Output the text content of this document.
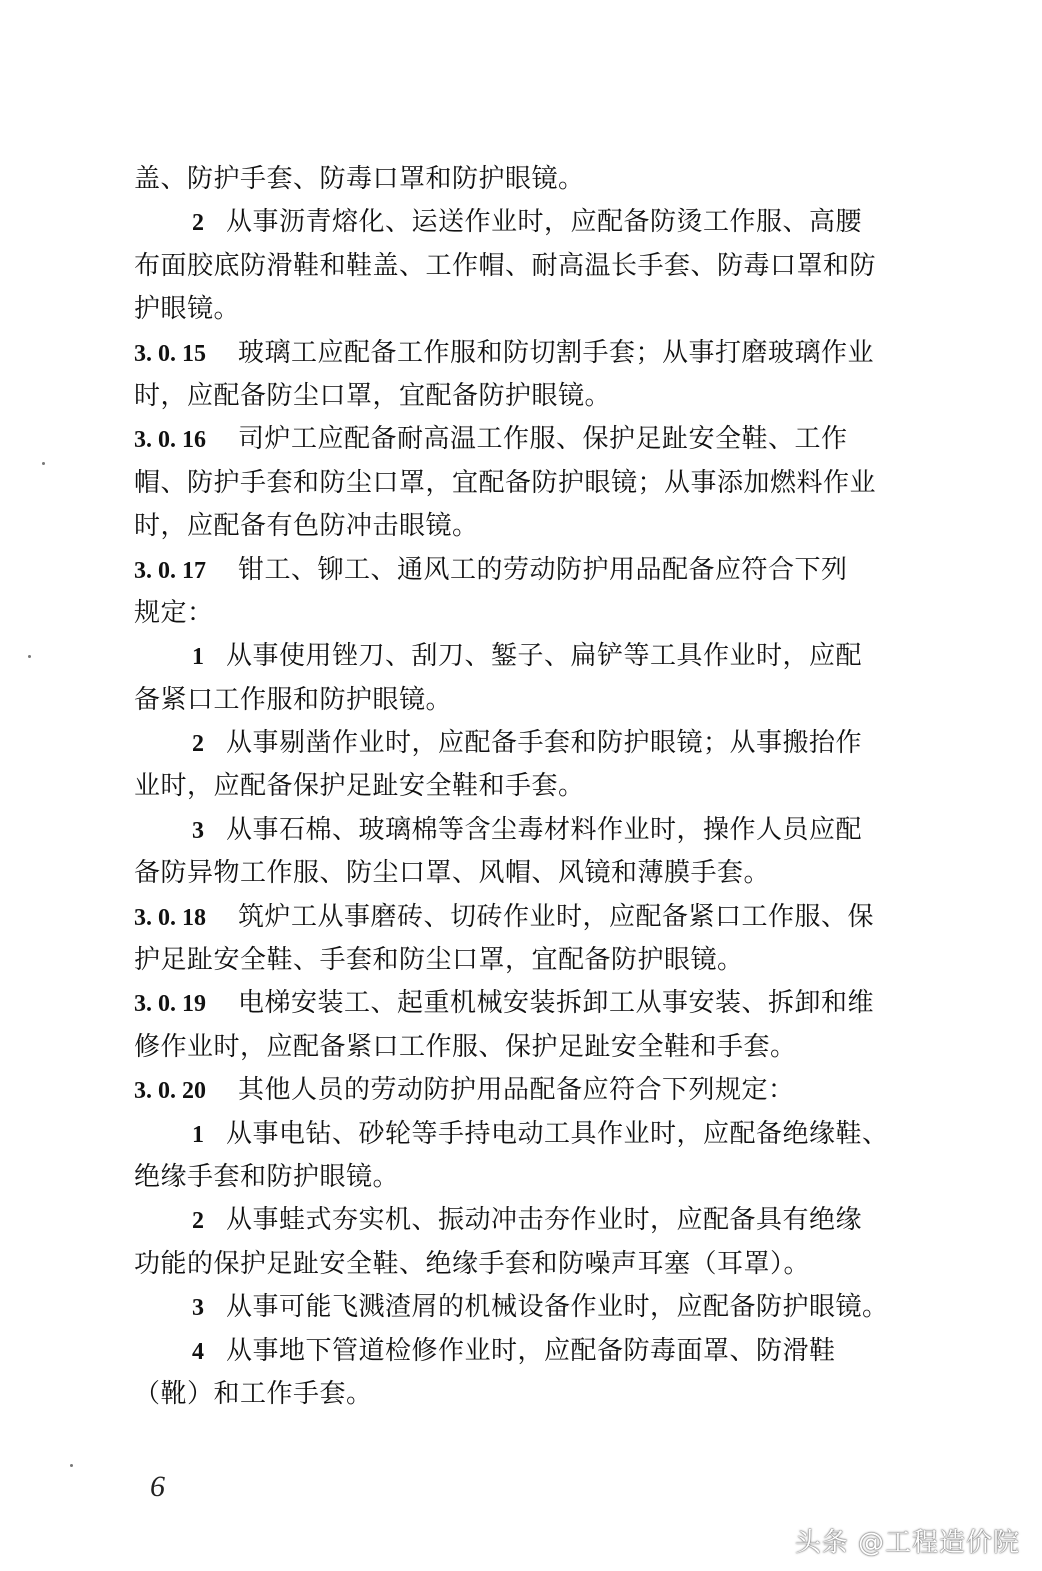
盖、防护手套、防毒口罩和防护眼镜。
2 从事沥青熔化、运送作业时，应配备防烫工作服、高腰
布面胶底防滑鞋和鞋盖、工作帽、耐高温长手套、防毒口罩和防
护眼镜。
3. 0. 15 玻璃工应配备工作服和防切割手套；从事打磨玻璃作业
时，应配备防尘口罩，宜配备防护眼镜。
3. 0. 16 司炉工应配备耐高温工作服、保护足趾安全鞋、工作
帽、防护手套和防尘口罩，宜配备防护眼镜；从事添加燃料作业
时，应配备有色防冲击眼镜。
3. 0. 17 钳工、铆工、通风工的劳动防护用品配备应符合下列
规定：
1 从事使用锉刀、刮刀、錾子、扁铲等工具作业时，应配
备紧口工作服和防护眼镜。
2 从事剔凿作业时，应配备手套和防护眼镜；从事搬抬作
业时，应配备保护足趾安全鞋和手套。
3 从事石棉、玻璃棉等含尘毒材料作业时，操作人员应配
备防异物工作服、防尘口罩、风帽、风镜和薄膜手套。
3. 0. 18 筑炉工从事磨砖、切砖作业时，应配备紧口工作服、保
护足趾安全鞋、手套和防尘口罩，宜配备防护眼镜。
3. 0. 19 电梯安装工、起重机械安装拆卸工从事安装、拆卸和维
修作业时，应配备紧口工作服、保护足趾安全鞋和手套。
3. 0. 20 其他人员的劳动防护用品配备应符合下列规定：
1 从事电钻、砂轮等手持电动工具作业时，应配备绝缘鞋、
绝缘手套和防护眼镜。
2 从事蛙式夯实机、振动冲击夯作业时，应配备具有绝缘
功能的保护足趾安全鞋、绝缘手套和防噪声耳塞（耳罩）。
3 从事可能飞溅渣屑的机械设备作业时，应配备防护眼镜。
4 从事地下管道检修作业时，应配备防毒面罩、防滑鞋
（靴）和工作手套。
6
头条 @工程造价院
